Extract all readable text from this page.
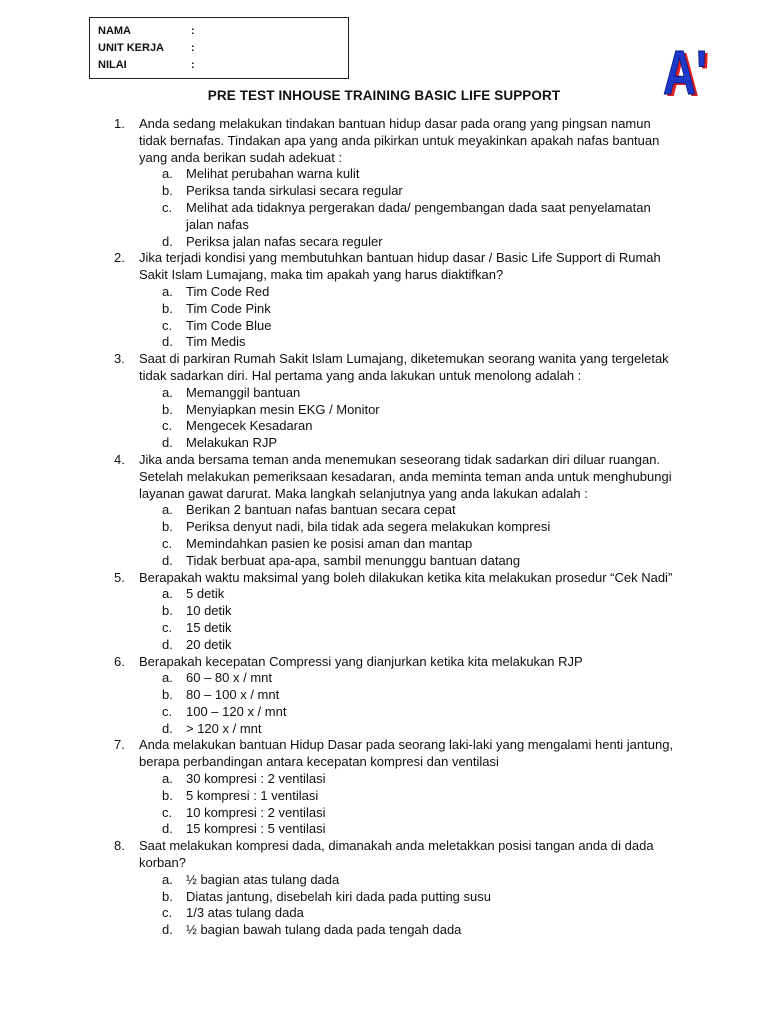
NAMA	:
UNIT KERJA	:
NILAI	:	A'
A'
PRE TEST INHOUSE TRAINING BASIC LIFE SUPPORT
1.	Anda sedang melakukan tindakan bantuan hidup dasar pada orang yang pingsan namun tidak bernafas. Tindakan apa yang anda pikirkan untuk meyakinkan apakah nafas bantuan yang anda berikan sudah adekuat :
a.	Melihat perubahan warna kulit
b.	Periksa tanda sirkulasi secara regular
c.	Melihat ada tidaknya pergerakan dada/ pengembangan dada saat penyelamatan jalan nafas
d.	Periksa jalan nafas secara reguler
2.	Jika terjadi kondisi yang membutuhkan bantuan hidup dasar / Basic Life Support di Rumah Sakit Islam Lumajang, maka tim apakah yang harus diaktifkan?
a.	Tim Code Red
b.	Tim Code Pink
c.	Tim Code Blue
d.	Tim Medis
3.	Saat di parkiran Rumah Sakit Islam Lumajang, diketemukan seorang wanita yang tergeletak tidak sadarkan diri. Hal pertama yang anda lakukan untuk menolong adalah :
a.	Memanggil bantuan
b.	Menyiapkan mesin EKG / Monitor
c.	Mengecek Kesadaran
d.	Melakukan RJP
4.	Jika anda bersama teman anda menemukan seseorang tidak sadarkan diri diluar ruangan. Setelah melakukan pemeriksaan kesadaran, anda meminta teman anda untuk menghubungi layanan gawat darurat. Maka langkah selanjutnya yang anda lakukan adalah :
a.	Berikan 2 bantuan nafas bantuan secara cepat
b.	Periksa denyut nadi, bila tidak ada segera melakukan kompresi
c.	Memindahkan pasien ke posisi aman dan mantap
d.	Tidak berbuat apa-apa, sambil menunggu bantuan datang
5.	Berapakah waktu maksimal yang boleh dilakukan ketika kita melakukan prosedur “Cek Nadi”
a.	5 detik
b.	10 detik
c.	15 detik
d.	20 detik
6.	Berapakah kecepatan Compressi yang dianjurkan ketika kita melakukan RJP
a.	60 – 80 x / mnt
b.	80 – 100 x / mnt
c.	100 – 120 x / mnt
d.	> 120 x / mnt
7.	Anda melakukan bantuan Hidup Dasar pada seorang laki-laki yang mengalami henti jantung, berapa perbandingan antara kecepatan kompresi dan ventilasi
a.	30 kompresi : 2 ventilasi
b.	5 kompresi : 1 ventilasi
c.	10 kompresi : 2 ventilasi
d.	15 kompresi : 5 ventilasi
8.	Saat melakukan kompresi dada, dimanakah anda meletakkan posisi tangan anda di dada korban?
a.	½ bagian atas tulang dada
b.	Diatas jantung, disebelah kiri dada pada putting susu
c.	1/3 atas tulang dada
d.	½ bagian bawah tulang dada pada tengah dada
